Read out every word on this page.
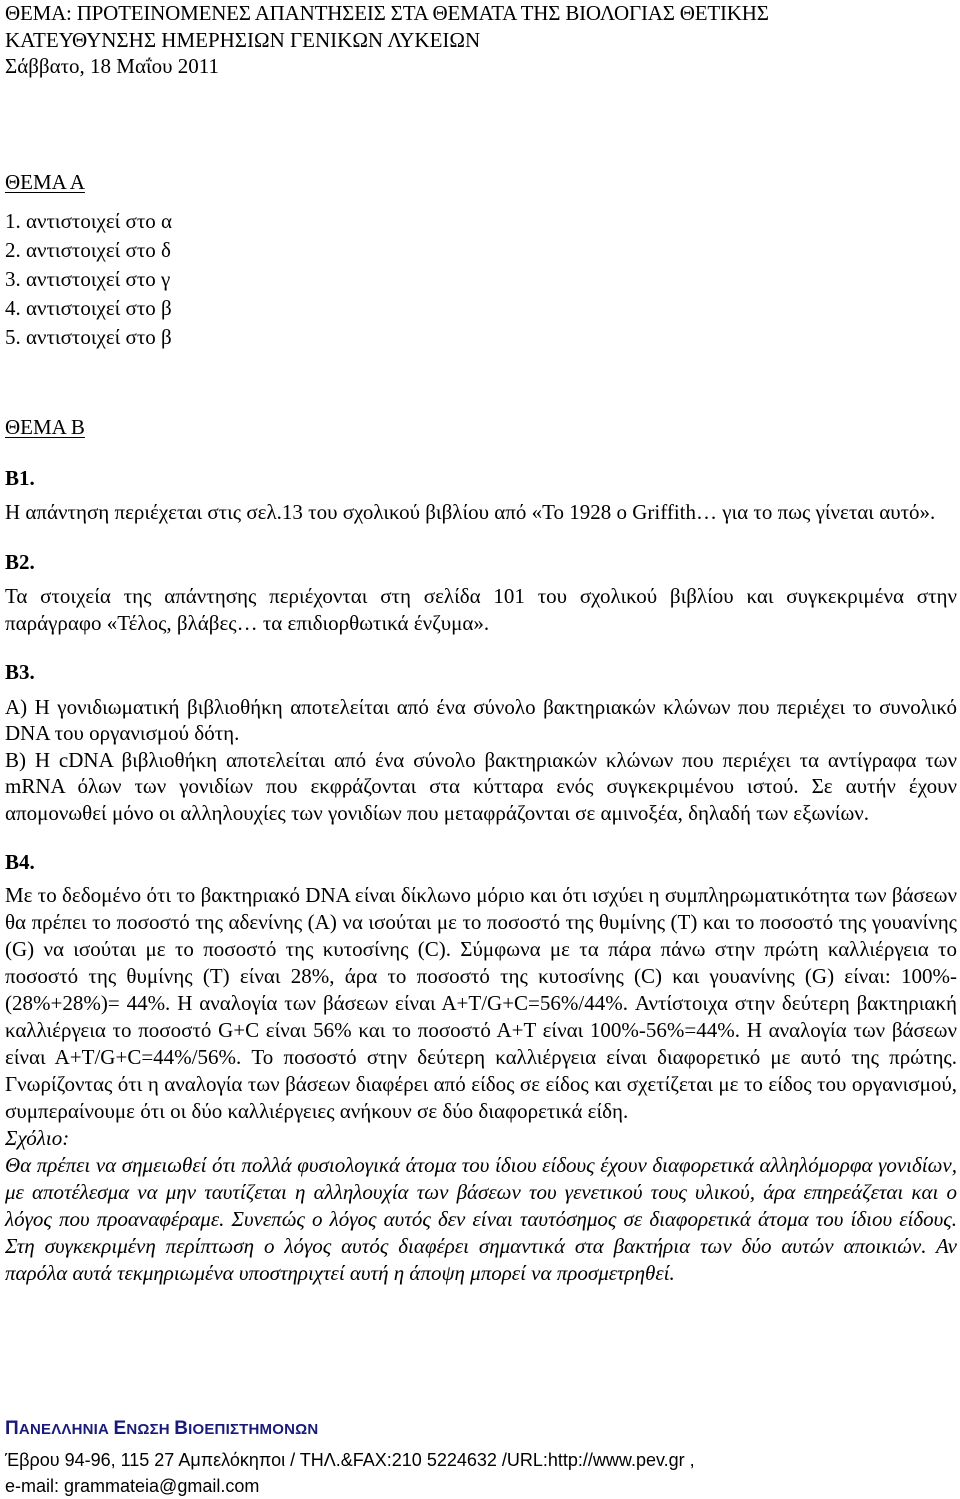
ΘΕΜΑ: ΠΡΟΤΕΙΝΟΜΕΝΕΣ ΑΠΑΝΤΗΣΕΙΣ ΣΤΑ ΘΕΜΑΤΑ ΤΗΣ ΒΙΟΛΟΓΙΑΣ ΘΕΤΙΚΗΣ
ΚΑΤΕΥΘΥΝΣΗΣ ΗΜΕΡΗΣΙΩΝ ΓΕΝΙΚΩΝ ΛΥΚΕΙΩΝ
Σάββατο, 18 Μαΐου 2011
ΘΕΜΑ Α
1. αντιστοιχεί στο α
2. αντιστοιχεί στο δ
3. αντιστοιχεί στο γ
4. αντιστοιχεί στο β
5. αντιστοιχεί στο β
ΘΕΜΑ Β
Β1.

Η απάντηση περιέχεται στις σελ.13 του σχολικού βιβλίου από «Το 1928 ο Griffith… για το πως γίνεται αυτό».

Β2.

Τα στοιχεία της απάντησης περιέχονται στη σελίδα 101 του σχολικού βιβλίου και συγκεκριμένα στην παράγραφο «Τέλος, βλάβες… τα επιδιορθωτικά ένζυμα».

Β3.

Α) Η γονιδιωματική βιβλιοθήκη αποτελείται από ένα σύνολο βακτηριακών κλώνων που περιέχει το συνολικό DNA του οργανισμού δότη.

Β) Η cDNA βιβλιοθήκη αποτελείται από ένα σύνολο βακτηριακών κλώνων που περιέχει τα αντίγραφα των mRNA όλων των γονιδίων που εκφράζονται στα κύτταρα ενός συγκεκριμένου ιστού. Σε αυτήν έχουν απομονωθεί μόνο οι αλληλουχίες των γονιδίων που μεταφράζονται σε αμινοξέα, δηλαδή των εξωνίων.

Β4.

Με το δεδομένο ότι το βακτηριακό DNA είναι δίκλωνο μόριο και ότι ισχύει η συμπληρωματικότητα των βάσεων θα πρέπει το ποσοστό της αδενίνης (Α) να ισούται με το ποσοστό της θυμίνης (Τ) και το ποσοστό της γουανίνης (G) να ισούται με το ποσοστό της κυτοσίνης (C). Σύμφωνα με τα πάρα πάνω στην πρώτη καλλιέργεια το ποσοστό της θυμίνης (Τ) είναι 28%, άρα το ποσοστό της κυτοσίνης (C) και γουανίνης (G) είναι: 100%-(28%+28%)= 44%. Η αναλογία των βάσεων είναι Α+Τ/G+C=56%/44%. Αντίστοιχα στην δεύτερη βακτηριακή καλλιέργεια το ποσοστό G+C είναι 56% και το ποσοστό Α+Τ είναι 100%-56%=44%. Η αναλογία των βάσεων είναι Α+Τ/G+C=44%/56%. Το ποσοστό στην δεύτερη καλλιέργεια είναι διαφορετικό με αυτό της πρώτης. Γνωρίζοντας ότι η αναλογία των βάσεων διαφέρει από είδος σε είδος και σχετίζεται με το είδος του οργανισμού, συμπεραίνουμε ότι οι δύο καλλιέργειες ανήκουν σε δύο διαφορετικά είδη.

Σχόλιο:

Θα πρέπει να σημειωθεί ότι πολλά φυσιολογικά άτομα του ίδιου είδους έχουν διαφορετικά αλληλόμορφα γονιδίων, με αποτέλεσμα να μην ταυτίζεται η αλληλουχία των βάσεων του γενετικού τους υλικού, άρα επηρεάζεται και ο λόγος που προαναφέραμε. Συνεπώς ο λόγος αυτός δεν είναι ταυτόσημος σε διαφορετικά άτομα του ίδιου είδους. Στη συγκεκριμένη περίπτωση ο λόγος αυτός διαφέρει σημαντικά στα βακτήρια των δύο αυτών αποικιών. Αν παρόλα αυτά τεκμηριωμένα υποστηριχτεί αυτή η άποψη μπορεί να προσμετρηθεί.

ΠΑΝΕΛΛΗΝΙΑ ΕΝΩΣΗ ΒΙΟΕΠΙΣΤΗΜΟΝΩΝ
Έβρου 94-96, 115 27 Αμπελόκηποι / ΤΗΛ.&FAX:210 5224632 /URL:http://www.pev.gr ,
e-mail: grammateia@gmail.com
